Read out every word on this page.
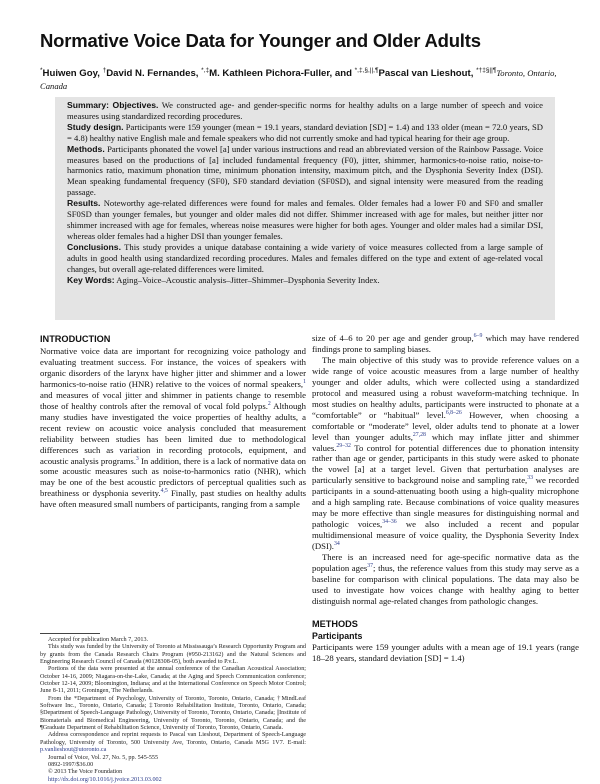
Normative Voice Data for Younger and Older Adults
*Huiwen Goy, †David N. Fernandes, *,‡M. Kathleen Pichora-Fuller, and *,‡,§,||,¶Pascal van Lieshout, *†‡§||¶Toronto, Ontario, Canada

Summary: Objectives. We constructed age- and gender-specific norms for healthy adults on a large number of speech and voice measures using standardized recording procedures.

Study design. Participants were 159 younger (mean = 19.1 years, standard deviation [SD] = 1.4) and 133 older (mean = 72.0 years, SD = 4.8) healthy native English male and female speakers who did not currently smoke and had typical hearing for their age group.

Methods. Participants phonated the vowel [a] under various instructions and read an abbreviated version of the Rainbow Passage. Voice measures based on the productions of [a] included fundamental frequency (F0), jitter, shimmer, harmonics-to-noise ratio, noise-to-harmonics ratio, maximum phonation time, minimum phonation intensity, maximum pitch, and the Dysphonia Severity Index (DSI). Mean speaking fundamental frequency (SF0), SF0 standard deviation (SF0SD), and signal intensity were measured from the reading passage.

Results. Noteworthy age-related differences were found for males and females. Older females had a lower F0 and SF0 and smaller SF0SD than younger females, but younger and older males did not differ. Shimmer increased with age for males, but neither jitter nor shimmer increased with age for females, whereas noise measures were higher for both ages. Younger and older males had a similar DSI, whereas older females had a higher DSI than younger females.

Conclusions. This study provides a unique database containing a wide variety of voice measures collected from a large sample of adults in good health using standardized recording procedures. Males and females differed on the type and extent of age-related vocal changes, but overall age-related differences were limited.

Key Words: Aging–Voice–Acoustic analysis–Jitter–Shimmer–Dysphonia Severity Index.

INTRODUCTION

Normative voice data are important for recognizing voice pathology and evaluating treatment success. For instance, the voices of speakers with organic disorders of the larynx have higher jitter and shimmer and a lower harmonics-to-noise ratio (HNR) relative to the voices of normal speakers,$^1$ and measures of vocal jitter and shimmer in patients change to resemble those of healthy controls after the removal of vocal fold polyps.$^2$ Although many studies have investigated the voice properties of healthy adults, a recent review on acoustic voice analysis concluded that measurement reliability between studies has been limited due to methodological differences such as variation in recording protocols, equipment, and acoustic analysis programs.$^3$ In addition, there is a lack of normative data on some acoustic measures such as noise-to-harmonics ratio (NHR), which may be one of the best acoustic predictors of perceptual qualities such as breathiness or dysphonia severity.$^{4,5}$ Finally, past studies on healthy adults have often measured small numbers of participants, ranging from a sample

Accepted for publication March 7, 2013.

This study was funded by the University of Toronto at Mississauga’s Research Opportunity Program and by grants from the Canada Research Chairs Program (#950-213162) and the Natural Sciences and Engineering Research Council of Canada (#0128308-05), both awarded to P.v.L.

Portions of the data were presented at the annual conference of the Canadian Acoustical Association; October 14-16, 2009; Niagara-on-the-Lake, Canada; at the Aging and Speech Communication conference; October 12-14, 2009; Bloomington, Indiana; and at the International Conference on Speech Motor Control; June 8-11, 2011; Groningen, The Netherlands.

From the *Department of Psychology, University of Toronto, Toronto, Ontario, Canada; †MindLeaf Software Inc., Toronto, Ontario, Canada; ‡Toronto Rehabilitation Institute, Toronto, Ontario, Canada; §Department of Speech-Language Pathology, University of Toronto, Toronto, Ontario, Canada; ||Institute of Biomaterials and Biomedical Engineering, University of Toronto, Toronto, Ontario, Canada; and the ¶Graduate Department of Rehabilitation Science, University of Toronto, Toronto, Ontario, Canada.

Address correspondence and reprint requests to Pascal van Lieshout, Department of Speech-Language Pathology, University of Toronto, 500 University Ave, Toronto, Ontario, Canada M5G 1V7. E-mail: p.vanlieshout@utoronto.ca

Journal of Voice, Vol. 27, No. 5, pp. 545-555

0892-1997/$36.00

© 2013 The Voice Foundation

http://dx.doi.org/10.1016/j.jvoice.2013.03.002

size of 4–6 to 20 per age and gender group,$^{6-9}$ which may have rendered findings prone to sampling biases.

The main objective of this study was to provide reference values on a wide range of voice acoustic measures from a large number of healthy younger and older adults, which were collected using a standardized protocol and measured using a robust waveform-matching technique. In most studies on healthy adults, participants were instructed to phonate at a “comfortable” or “habitual” level.$^{6,8-26}$ However, when choosing a comfortable or “moderate” level, older adults tend to phonate at a lower level than younger adults,$^{27,28}$ which may inflate jitter and shimmer values.$^{29-32}$ To control for potential differences due to phonation intensity rather than age or gender, participants in this study were asked to phonate the vowel [a] at a target level. Given that perturbation analyses are particularly sensitive to background noise and sampling rate,$^{33}$ we recorded participants in a sound-attenuating booth using a high-quality microphone and a high sampling rate. Because combinations of voice quality measures may be more effective than single measures for distinguishing normal and pathologic voices,$^{34-36}$ we also included a recent and popular multidimensional measure of voice quality, the Dysphonia Severity Index (DSI).$^{34}$

There is an increased need for age-specific normative data as the population ages$^{37}$; thus, the reference values from this study may serve as a baseline for comparison with clinical populations. The data may also be used to investigate how voices change with healthy aging to better distinguish normal age-related changes from pathologic changes.

METHODS
Participants

Participants were 159 younger adults with a mean age of 19.1 years (range 18–28 years, standard deviation [SD] = 1.4)
